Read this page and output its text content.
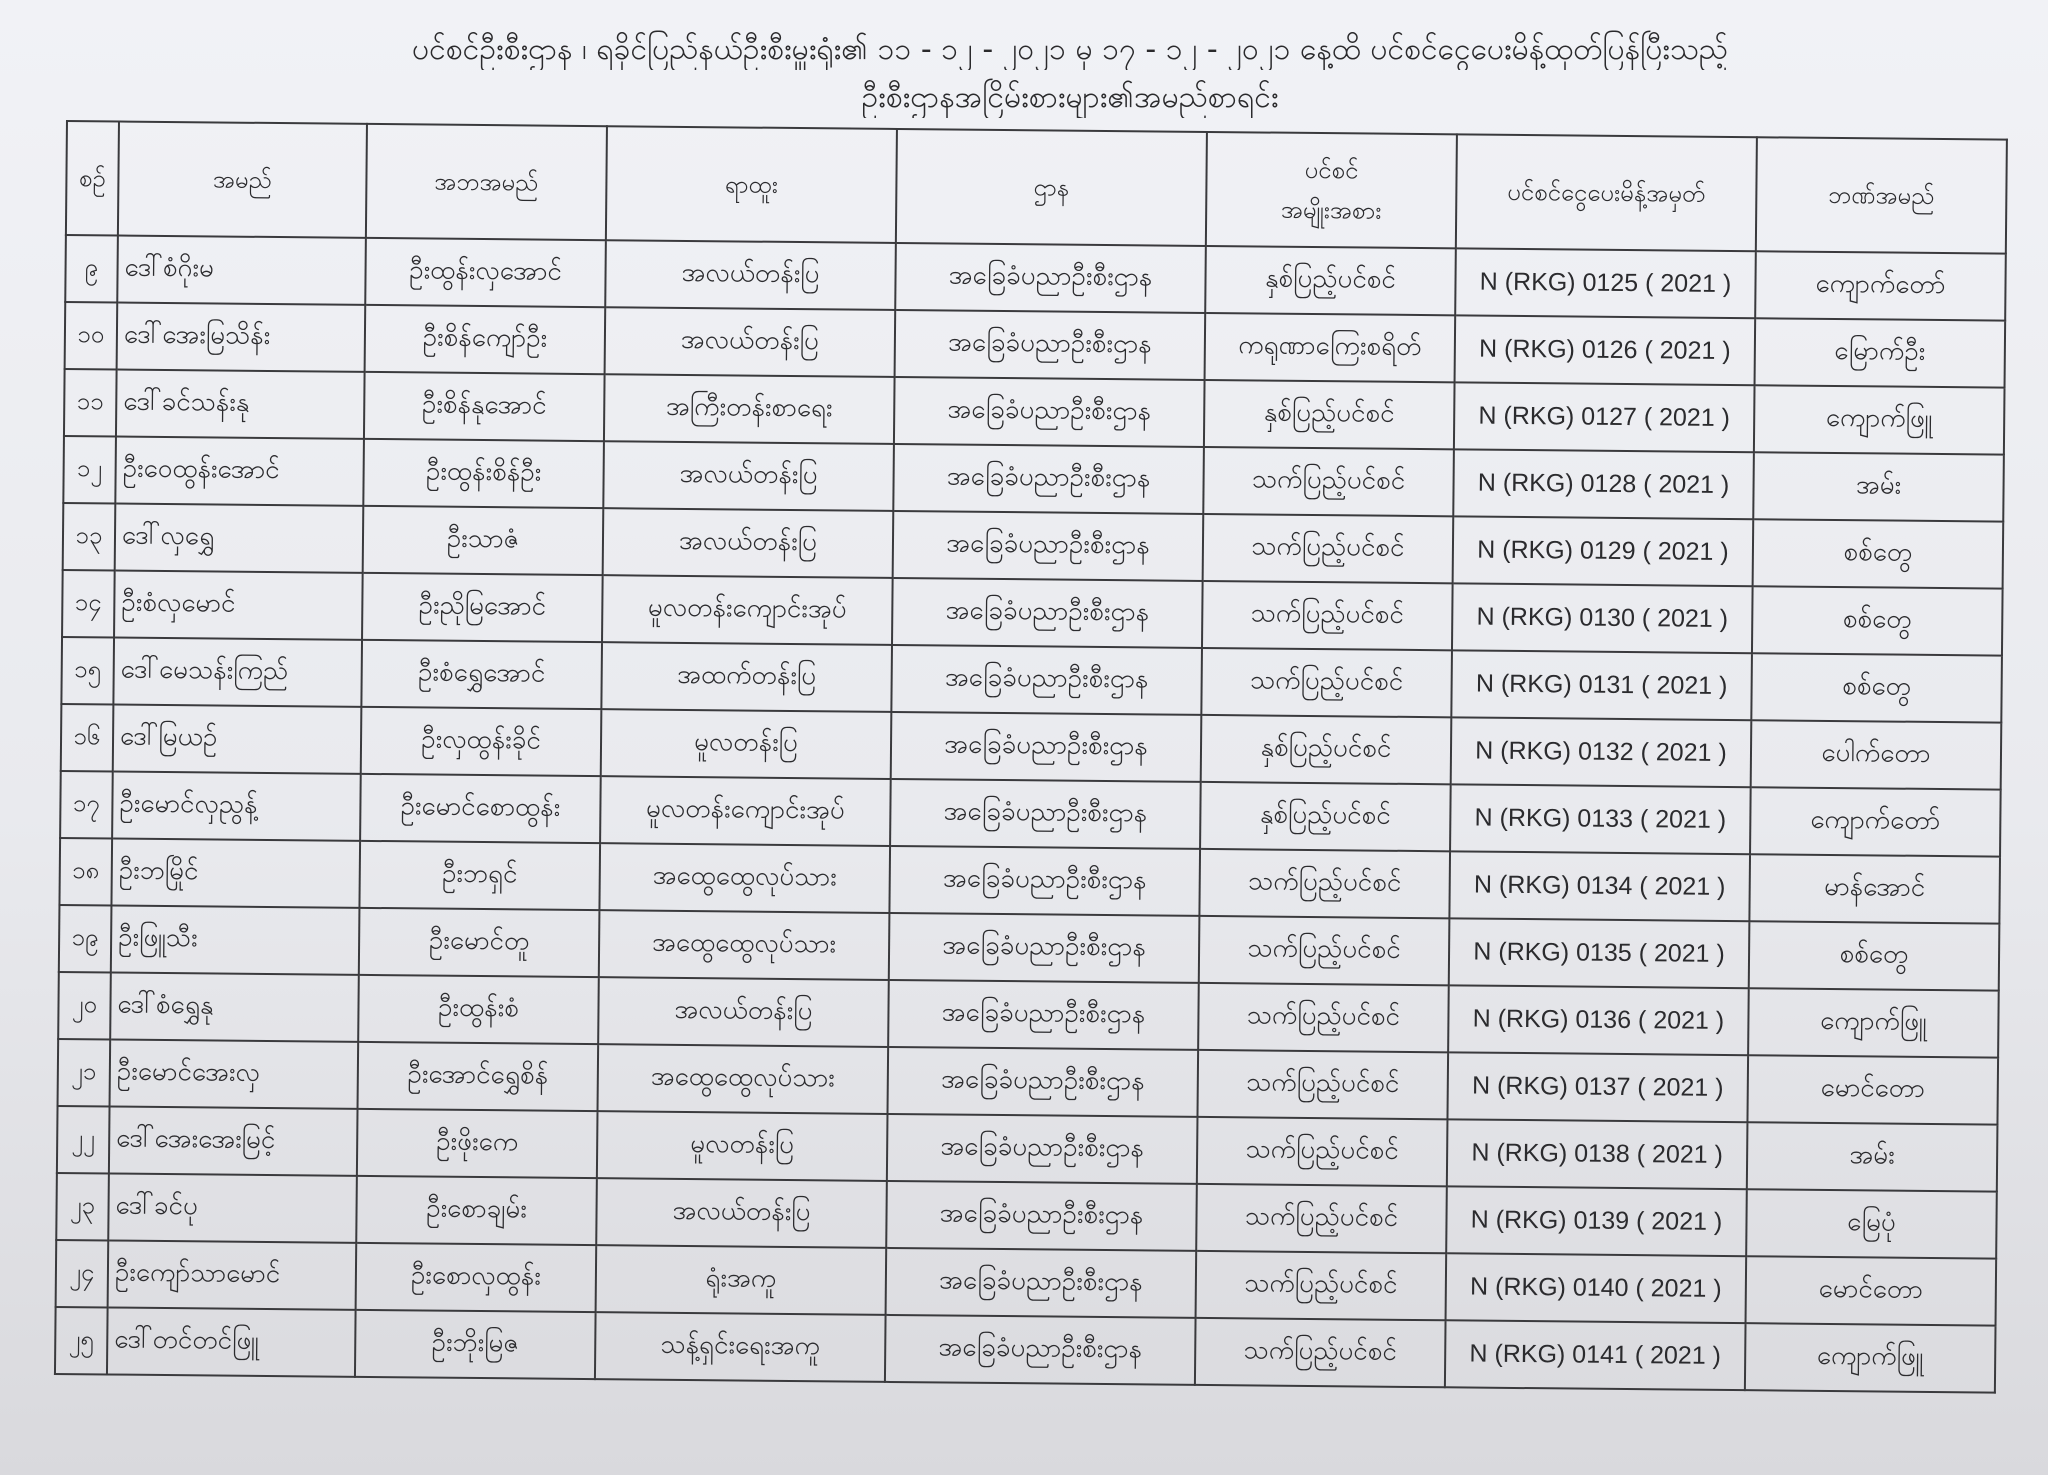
ပင်စင်ဦးစီးဌာန ၊ ရခိုင်ပြည်နယ်ဦးစီးမှူးရုံး၏ ၁၁ - ၁၂ - ၂၀၂၁ မှ ၁၇ - ၁၂ - ၂၀၂၁ နေ့ထိ ပင်စင်ငွေပေးမိန့်ထုတ်ပြန်ပြီးသည့်
ဦးစီးဌာနအငြိမ်းစားများ၏အမည်စာရင်း
စဉ်	အမည်	အဘအမည်	ရာထူး	ဌာန	ပင်စင်
အမျိုးအစား	ပင်စင်ငွေပေးမိန့်အမှတ်	ဘဏ်အမည်
၉	ဒေါ်စံဂိုးမ	ဦးထွန်းလှအောင်	အလယ်တန်းပြ	အခြေခံပညာဦးစီးဌာန	နှစ်ပြည့်ပင်စင်	N (RKG) 0125 ( 2021 )	ကျောက်တော်
၁၀	ဒေါ်အေးမြသိန်း	ဦးစိန်ကျော်ဦး	အလယ်တန်းပြ	အခြေခံပညာဦးစီးဌာန	ကရုဏာကြေးစရိတ်	N (RKG) 0126 ( 2021 )	မြောက်ဦး
၁၁	ဒေါ်ခင်သန်းနု	ဦးစိန်နုအောင်	အကြီးတန်းစာရေး	အခြေခံပညာဦးစီးဌာန	နှစ်ပြည့်ပင်စင်	N (RKG) 0127 ( 2021 )	ကျောက်ဖြူ
၁၂	ဦးဝေထွန်းအောင်	ဦးထွန်းစိန်ဦး	အလယ်တန်းပြ	အခြေခံပညာဦးစီးဌာန	သက်ပြည့်ပင်စင်	N (RKG) 0128 ( 2021 )	အမ်း
၁၃	ဒေါ်လှရွှေ	ဦးသာဇံ	အလယ်တန်းပြ	အခြေခံပညာဦးစီးဌာန	သက်ပြည့်ပင်စင်	N (RKG) 0129 ( 2021 )	စစ်တွေ
၁၄	ဦးစံလှမောင်	ဦးညိုမြအောင်	မူလတန်းကျောင်းအုပ်	အခြေခံပညာဦးစီးဌာန	သက်ပြည့်ပင်စင်	N (RKG) 0130 ( 2021 )	စစ်တွေ
၁၅	ဒေါ်မေသန်းကြည်	ဦးစံရွှေအောင်	အထက်တန်းပြ	အခြေခံပညာဦးစီးဌာန	သက်ပြည့်ပင်စင်	N (RKG) 0131 ( 2021 )	စစ်တွေ
၁၆	ဒေါ်မြယဉ်	ဦးလှထွန်းခိုင်	မူလတန်းပြ	အခြေခံပညာဦးစီးဌာန	နှစ်ပြည့်ပင်စင်	N (RKG) 0132 ( 2021 )	ပေါက်တော
၁၇	ဦးမောင်လှညွန့်	ဦးမောင်စောထွန်း	မူလတန်းကျောင်းအုပ်	အခြေခံပညာဦးစီးဌာန	နှစ်ပြည့်ပင်စင်	N (RKG) 0133 ( 2021 )	ကျောက်တော်
၁၈	ဦးဘမြိုင်	ဦးဘရှင်	အထွေထွေလုပ်သား	အခြေခံပညာဦးစီးဌာန	သက်ပြည့်ပင်စင်	N (RKG) 0134 ( 2021 )	မာန်အောင်
၁၉	ဦးဖြူသီး	ဦးမောင်တူ	အထွေထွေလုပ်သား	အခြေခံပညာဦးစီးဌာန	သက်ပြည့်ပင်စင်	N (RKG) 0135 ( 2021 )	စစ်တွေ
၂၀	ဒေါ်စံရွှေနု	ဦးထွန်းစံ	အလယ်တန်းပြ	အခြေခံပညာဦးစီးဌာန	သက်ပြည့်ပင်စင်	N (RKG) 0136 ( 2021 )	ကျောက်ဖြူ
၂၁	ဦးမောင်အေးလှ	ဦးအောင်ရွှေစိန်	အထွေထွေလုပ်သား	အခြေခံပညာဦးစီးဌာန	သက်ပြည့်ပင်စင်	N (RKG) 0137 ( 2021 )	မောင်တော
၂၂	ဒေါ်အေးအေးမြင့်	ဦးဖိုးကေ	မူလတန်းပြ	အခြေခံပညာဦးစီးဌာန	သက်ပြည့်ပင်စင်	N (RKG) 0138 ( 2021 )	အမ်း
၂၃	ဒေါ်ခင်ပု	ဦးစောချမ်း	အလယ်တန်းပြ	အခြေခံပညာဦးစီးဌာန	သက်ပြည့်ပင်စင်	N (RKG) 0139 ( 2021 )	မြေပုံ
၂၄	ဦးကျော်သာမောင်	ဦးစောလှထွန်း	ရုံးအကူ	အခြေခံပညာဦးစီးဌာန	သက်ပြည့်ပင်စင်	N (RKG) 0140 ( 2021 )	မောင်တော
၂၅	ဒေါ်တင်တင်ဖြူ	ဦးဘိုးမြဇ	သန့်ရှင်းရေးအကူ	အခြေခံပညာဦးစီးဌာန	သက်ပြည့်ပင်စင်	N (RKG) 0141 ( 2021 )	ကျောက်ဖြူ
